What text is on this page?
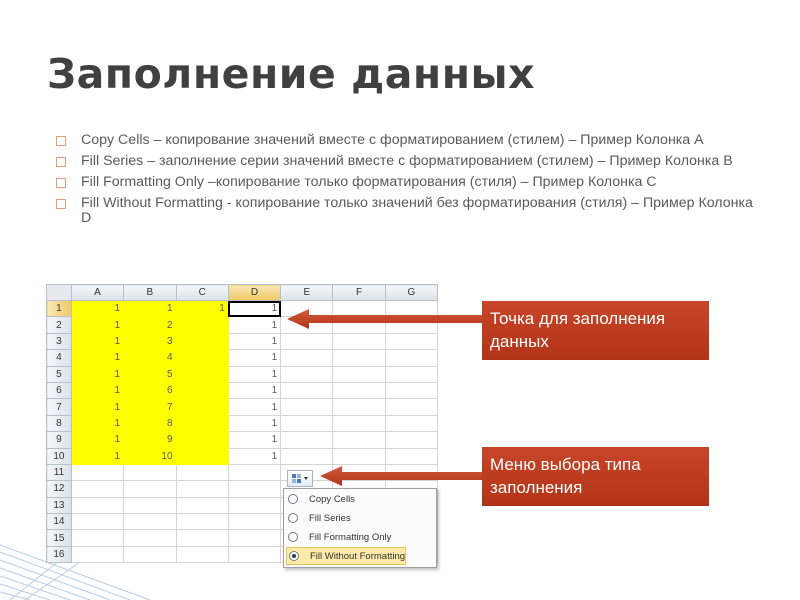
Заполнение данных
Copy Cells – копирование значений вместе с форматированием (стилем) – Пример Колонка A
Fill Series – заполнение серии значений вместе с форматированием (стилем) – Пример Колонка B
Fill Formatting Only –копирование только форматирования (стиля) – Пример Колонка C
Fill Without Formatting - копирование только значений без форматирования (стиля) – Пример Колонка D
	A	B	C	D	E	F	G
1	1	1	1	1			
2	1	2		1			
3	1	3		1			
4	1	4		1			
5	1	5		1			
6	1	6		1			
7	1	7		1			
8	1	8		1			
9	1	9		1			
10	1	10		1			
11							
12							
13							
14							
15							
16							
Copy Cells
Fill Series
Fill Formatting Only
Fill Without Formatting
Точка для заполнения данных
Меню выбора типа заполнения
